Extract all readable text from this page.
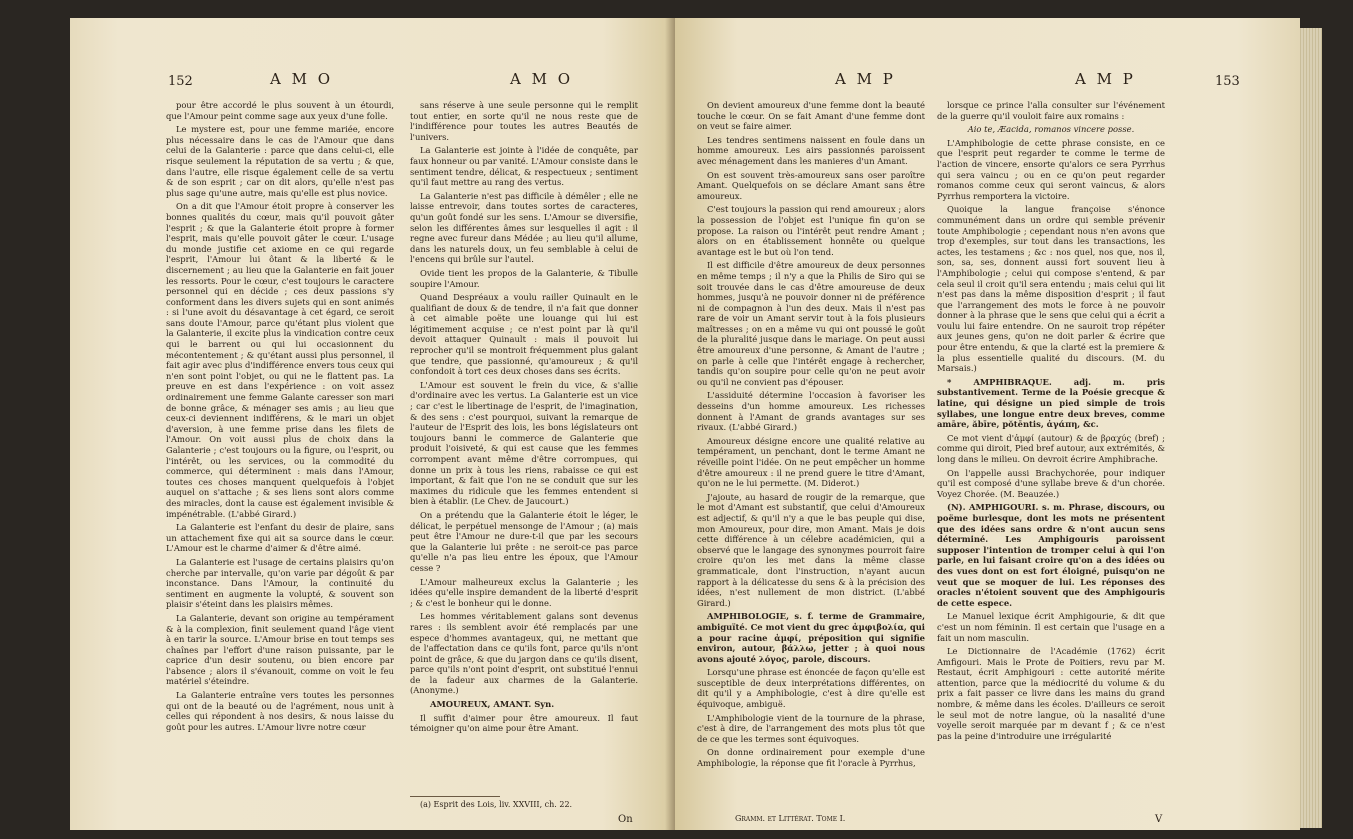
152	A M O	A M O

pour être accordé le plus souvent à un étourdi, que l'Amour peint comme sage aux yeux d'une folle.

Le mystere est, pour une femme mariée, encore plus nécessaire dans le cas de l'Amour que dans celui de la Galanterie : parce que dans celui-ci, elle risque seulement la réputation de sa vertu ; & que, dans l'autre, elle risque également celle de sa vertu & de son esprit ; car on dit alors, qu'elle n'est pas plus sage qu'une autre, mais qu'elle est plus novice.

On a dit que l'Amour étoit propre à conserver les bonnes qualités du cœur, mais qu'il pouvoit gâter l'esprit ; & que la Galanterie étoit propre à former l'esprit, mais qu'elle pouvoit gâter le cœur. L'usage du monde justifie cet axiome en ce qui regarde l'esprit, l'Amour lui ôtant & la liberté & le discernement ; au lieu que la Galanterie en fait jouer les ressorts. Pour le cœur, c'est toujours le caractere personnel qui en décide ; ces deux passions s'y conforment dans les divers sujets qui en sont animés : si l'une avoit du désavantage à cet égard, ce seroit sans doute l'Amour, parce qu'étant plus violent que la Galanterie, il excite plus la vindication contre ceux qui le barrent ou qui lui occasionnent du mécontentement ; & qu'étant aussi plus personnel, il fait agir avec plus d'indifférence envers tous ceux qui n'en sont point l'objet, ou qui ne le flattent pas. La preuve en est dans l'expérience : on voit assez ordinairement une femme Galante caresser son mari de bonne grâce, & ménager ses amis ; au lieu que ceux-ci deviennent indifférens, & le mari un objet d'aversion, à une femme prise dans les filets de l'Amour. On voit aussi plus de choix dans la Galanterie ; c'est toujours ou la figure, ou l'esprit, ou l'intérêt, ou les services, ou la commodité du commerce, qui déterminent : mais dans l'Amour, toutes ces choses manquent quelquefois à l'objet auquel on s'attache ; & ses liens sont alors comme des miracles, dont la cause est également invisible & impénétrable. (L'abbé Girard.)

La Galanterie est l'enfant du desir de plaire, sans un attachement fixe qui ait sa source dans le cœur. L'Amour est le charme d'aimer & d'être aimé.

La Galanterie est l'usage de certains plaisirs qu'on cherche par intervalle, qu'on varie par dégoût & par inconstance. Dans l'Amour, la continuité du sentiment en augmente la volupté, & souvent son plaisir s'éteint dans les plaisirs mêmes.

La Galanterie, devant son origine au tempérament & à la complexion, finit seulement quand l'âge vient à en tarir la source. L'Amour brise en tout temps ses chaînes par l'effort d'une raison puissante, par le caprice d'un desir soutenu, ou bien encore par l'absence ; alors il s'évanouit, comme on voit le feu matériel s'éteindre.

La Galanterie entraîne vers toutes les personnes qui ont de la beauté ou de l'agrément, nous unit à celles qui répondent à nos desirs, & nous laisse du goût pour les autres. L'Amour livre notre cœur

sans réserve à une seule personne qui le remplit tout entier, en sorte qu'il ne nous reste que de l'indifférence pour toutes les autres Beautés de l'univers.

La Galanterie est jointe à l'idée de conquête, par faux honneur ou par vanité. L'Amour consiste dans le sentiment tendre, délicat, & respectueux ; sentiment qu'il faut mettre au rang des vertus.

La Galanterie n'est pas difficile à démêler ; elle ne laisse entrevoir, dans toutes sortes de caracteres, qu'un goût fondé sur les sens. L'Amour se diversifie, selon les différentes âmes sur lesquelles il agit : il regne avec fureur dans Médée ; au lieu qu'il allume, dans les naturels doux, un feu semblable à celui de l'encens qui brûle sur l'autel.

Ovide tient les propos de la Galanterie, & Tibulle soupire l'Amour.

Quand Despréaux a voulu railler Quinault en le qualifiant de doux & de tendre, il n'a fait que donner à cet aimable poëte une louange qui lui est légitimement acquise ; ce n'est point par là qu'il devoit attaquer Quinault : mais il pouvoit lui reprocher qu'il se montroit fréquemment plus galant que tendre, que passionné, qu'amoureux ; & qu'il confondoit à tort ces deux choses dans ses écrits.

L'Amour est souvent le frein du vice, & s'allie d'ordinaire avec les vertus. La Galanterie est un vice ; car c'est le libertinage de l'esprit, de l'imagination, & des sens : c'est pourquoi, suivant la remarque de l'auteur de l'Esprit des lois, les bons législateurs ont toujours banni le commerce de Galanterie que produit l'oisiveté, & qui est cause que les femmes corrompent avant même d'être corrompues, qui donne un prix à tous les riens, rabaisse ce qui est important, & fait que l'on ne se conduit que sur les maximes du ridicule que les femmes entendent si bien à établir. (Le Chev. de Jaucourt.)

On a prétendu que la Galanterie étoit le léger, le délicat, le perpétuel mensonge de l'Amour ; (a) mais peut être l'Amour ne dure-t-il que par les secours que la Galanterie lui prête : ne seroit-ce pas parce qu'elle n'a pas lieu entre les époux, que l'Amour cesse ?

L'Amour malheureux exclus la Galanterie ; les idées qu'elle inspire demandent de la liberté d'esprit ; & c'est le bonheur qui le donne.

Les hommes véritablement galans sont devenus rares : ils semblent avoir été remplacés par une espece d'hommes avantageux, qui, ne mettant que de l'affectation dans ce qu'ils font, parce qu'ils n'ont point de grâce, & que du jargon dans ce qu'ils disent, parce qu'ils n'ont point d'esprit, ont substitué l'ennui de la fadeur aux charmes de la Galanterie. (Anonyme.)

AMOUREUX, AMANT. Syn.

Il suffit d'aimer pour être amoureux. Il faut témoigner qu'on aime pour être Amant.

(a) Esprit des Lois, liv. XXVIII, ch. 22.
On
A M P	A M P	153

On devient amoureux d'une femme dont la beauté touche le cœur. On se fait Amant d'une femme dont on veut se faire aimer.

Les tendres sentimens naissent en foule dans un homme amoureux. Les airs passionnés paroissent avec ménagement dans les manieres d'un Amant.

On est souvent très-amoureux sans oser paroître Amant. Quelquefois on se déclare Amant sans être amoureux.

C'est toujours la passion qui rend amoureux ; alors la possession de l'objet est l'unique fin qu'on se propose. La raison ou l'intérêt peut rendre Amant ; alors on en établissement honnête ou quelque avantage est le but où l'on tend.

Il est difficile d'être amoureux de deux personnes en même temps ; il n'y a que la Philis de Siro qui se soit trouvée dans le cas d'être amoureuse de deux hommes, jusqu'à ne pouvoir donner ni de préférence ni de compagnon à l'un des deux. Mais il n'est pas rare de voir un Amant servir tout à la fois plusieurs maîtresses ; on en a même vu qui ont poussé le goût de la pluralité jusque dans le mariage. On peut aussi être amoureux d'une personne, & Amant de l'autre ; on parle à celle que l'intérêt engage à rechercher, tandis qu'on soupire pour celle qu'on ne peut avoir ou qu'il ne convient pas d'épouser.

L'assiduité détermine l'occasion à favoriser les desseins d'un homme amoureux. Les richesses donnent à l'Amant de grands avantages sur ses rivaux. (L'abbé Girard.)

Amoureux désigne encore une qualité relative au tempérament, un penchant, dont le terme Amant ne réveille point l'idée. On ne peut empêcher un homme d'être amoureux : il ne prend guere le titre d'Amant, qu'on ne le lui permette. (M. Diderot.)

J'ajoute, au hasard de rougir de la remarque, que le mot d'Amant est substantif, que celui d'Amoureux est adjectif, & qu'il n'y a que le bas peuple qui dise, mon Amoureux, pour dire, mon Amant. Mais je dois cette différence à un célebre académicien, qui a observé que le langage des synonymes pourroit faire croire qu'on les met dans la même classe grammaticale, dont l'instruction, n'ayant aucun rapport à la délicatesse du sens & à la précision des idées, n'est nullement de mon district. (L'abbé Girard.)

AMPHIBOLOGIE, s. f. terme de Grammaire, ambiguïté. Ce mot vient du grec ἀμφιβολία, qui a pour racine ἀμφί, préposition qui signifie environ, autour, βάλλω, jetter ; à quoi nous avons ajouté λόγος, parole, discours.

Lorsqu'une phrase est énoncée de façon qu'elle est susceptible de deux interprétations différentes, on dit qu'il y a Amphibologie, c'est à dire qu'elle est équivoque, ambiguë.

L'Amphibologie vient de la tournure de la phrase, c'est à dire, de l'arrangement des mots plus tôt que de ce que les termes sont équivoques.

On donne ordinairement pour exemple d'une Amphibologie, la réponse que fit l'oracle à Pyrrhus,

Gramm. et Littérat. Tome I.

lorsque ce prince l'alla consulter sur l'événement de la guerre qu'il vouloit faire aux romains :

Aio te, Æacida, romanos vincere posse.

L'Amphibologie de cette phrase consiste, en ce que l'esprit peut regarder te comme le terme de l'action de vincere, ensorte qu'alors ce sera Pyrrhus qui sera vaincu ; ou en ce qu'on peut regarder romanos comme ceux qui seront vaincus, & alors Pyrrhus remportera la victoire.

Quoique la langue françoise s'énonce communément dans un ordre qui semble prévenir toute Amphibologie ; cependant nous n'en avons que trop d'exemples, sur tout dans les transactions, les actes, les testamens ; &c : nos quel, nos que, nos il, son, sa, ses, donnent aussi fort souvent lieu à l'Amphibologie ; celui qui compose s'entend, & par cela seul il croit qu'il sera entendu ; mais celui qui lit n'est pas dans la même disposition d'esprit ; il faut que l'arrangement des mots le force à ne pouvoir donner à la phrase que le sens que celui qui a écrit a voulu lui faire entendre. On ne sauroit trop répéter aux jeunes gens, qu'on ne doit parler & écrire que pour être entendu, & que la clarté est la premiere & la plus essentielle qualité du discours. (M. du Marsais.)

* AMPHIBRAQUE. adj. m. pris substantivement. Terme de la Poésie grecque & latine, qui désigne un pied simple de trois syllabes, une longue entre deux breves, comme amāre, ăbīre, pŏtēntis, ἀγάπη, &c.

Ce mot vient d'ἀμφί (autour) & de βραχύς (bref) ; comme qui diroit, Pied bref autour, aux extrémités, & long dans le milieu. On devroit écrire Amphibrache.

On l'appelle aussi Brachychorée, pour indiquer qu'il est composé d'une syllabe breve & d'un chorée. Voyez Chorée. (M. Beauzée.)

(N). AMPHIGOURI. s. m. Phrase, discours, ou poëme burlesque, dont les mots ne présentent que des idées sans ordre & n'ont aucun sens déterminé. Les Amphigouris paroissent supposer l'intention de tromper celui à qui l'on parle, en lui faisant croire qu'on a des idées ou des vues dont on est fort éloigné, puisqu'on ne veut que se moquer de lui. Les réponses des oracles n'étoient souvent que des Amphigouris de cette espece.

Le Manuel lexique écrit Amphigourie, & dit que c'est un nom féminin. Il est certain que l'usage en a fait un nom masculin.

Le Dictionnaire de l'Académie (1762) écrit Amfigouri. Mais le Prote de Poitiers, revu par M. Restaut, écrit Amphigouri : cette autorité mérite attention, parce que la médiocrité du volume & du prix a fait passer ce livre dans les mains du grand nombre, & même dans les écoles. D'ailleurs ce seroit le seul mot de notre langue, où la nasalité d'une voyelle seroit marquée par m devant f ; & ce n'est pas la peine d'introduire une irrégularité

V
